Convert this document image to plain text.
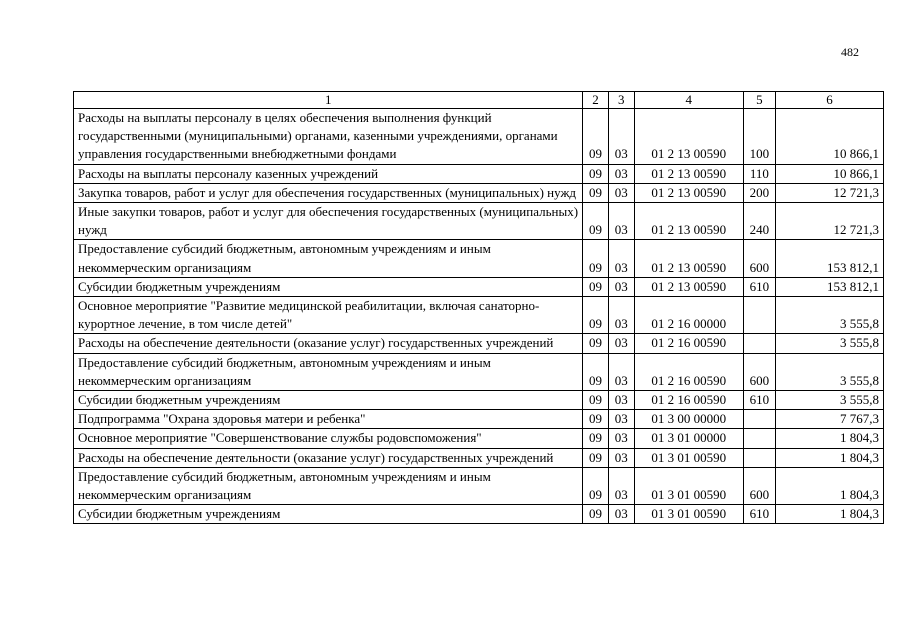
482
1	2	3	4	5	6
Расходы на выплаты персоналу в целях обеспечения выполнения функций государственными (муниципальными) органами, казенными учреждениями, органами управления государственными внебюджетными фондами	09	03	01 2 13 00590	100	10 866,1
Расходы на выплаты персоналу казенных учреждений	09	03	01 2 13 00590	110	10 866,1
Закупка товаров, работ и услуг для обеспечения государственных (муниципальных) нужд	09	03	01 2 13 00590	200	12 721,3
Иные закупки товаров, работ и услуг для обеспечения государственных (муниципальных) нужд	09	03	01 2 13 00590	240	12 721,3
Предоставление субсидий бюджетным, автономным учреждениям и иным некоммерческим организациям	09	03	01 2 13 00590	600	153 812,1
Субсидии бюджетным учреждениям	09	03	01 2 13 00590	610	153 812,1
Основное мероприятие "Развитие медицинской реабилитации, включая санаторно-курортное лечение, в том числе детей"	09	03	01 2 16 00000		3 555,8
Расходы на обеспечение деятельности (оказание услуг) государственных учреждений	09	03	01 2 16 00590		3 555,8
Предоставление субсидий бюджетным, автономным учреждениям и иным некоммерческим организациям	09	03	01 2 16 00590	600	3 555,8
Субсидии бюджетным учреждениям	09	03	01 2 16 00590	610	3 555,8
Подпрограмма "Охрана здоровья матери и ребенка"	09	03	01 3 00 00000		7 767,3
Основное мероприятие "Совершенствование службы родовспоможения"	09	03	01 3 01 00000		1 804,3
Расходы на обеспечение деятельности (оказание услуг) государственных учреждений	09	03	01 3 01 00590		1 804,3
Предоставление субсидий бюджетным, автономным учреждениям и иным некоммерческим организациям	09	03	01 3 01 00590	600	1 804,3
Субсидии бюджетным учреждениям	09	03	01 3 01 00590	610	1 804,3
